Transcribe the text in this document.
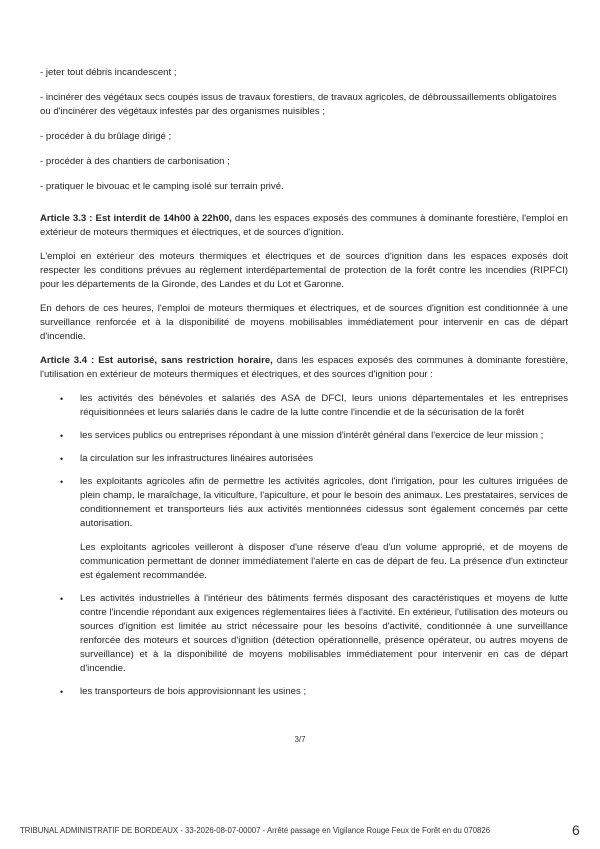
- jeter tout débris incandescent ;
- incinérer des végétaux secs coupés issus de travaux forestiers, de travaux agricoles, de débroussaillements obligatoires ou d'incinérer des végétaux infestés par des organismes nuisibles ;
- procéder à du brûlage dirigé ;
- procéder à des chantiers de carbonisation ;
- pratiquer le bivouac et le camping isolé sur terrain privé.

Article 3.3 : Est interdit de 14h00 à 22h00, dans les espaces exposés des communes à dominante forestière, l'emploi en extérieur de moteurs thermiques et électriques, et de sources d'ignition.

L'emploi en extérieur des moteurs thermiques et électriques et de sources d'ignition dans les espaces exposés doit respecter les conditions prévues au règlement interdépartemental de protection de la forêt contre les incendies (RIPFCI) pour les départements de la Gironde, des Landes et du Lot et Garonne.

En dehors de ces heures, l'emploi de moteurs thermiques et électriques, et de sources d'ignition est conditionnée à une surveillance renforcée et à la disponibilité de moyens mobilisables immédiatement pour intervenir en cas de départ d'incendie.

Article 3.4 : Est autorisé, sans restriction horaire, dans les espaces exposés des communes à dominante forestière, l'utilisation en extérieur de moteurs thermiques et électriques, et des sources d'ignition pour :

• les activités des bénévoles et salariés des ASA de DFCI, leurs unions départementales et les entreprises réquisitionnées et leurs salariés dans le cadre de la lutte contre l'incendie et de la sécurisation de la forêt
• les services publics ou entreprises répondant à une mission d'intérêt général dans l'exercice de leur mission ;
• la circulation sur les infrastructures linéaires autorisées
• les exploitants agricoles afin de permettre les activités agricoles, dont l'irrigation, pour les cultures irriguées de plein champ, le maraîchage, la viticulture, l'apiculture, et pour le besoin des animaux. Les prestataires, services de conditionnement et transporteurs liés aux activités mentionnées cidessus sont également concernés par cette autorisation.
Les exploitants agricoles veilleront à disposer d'une réserve d'eau d'un volume approprié, et de moyens de communication permettant de donner immédiatement l'alerte en cas de départ de feu. La présence d'un extincteur est également recommandée.
• Les activités industrielles à l'intérieur des bâtiments fermés disposant des caractéristiques et moyens de lutte contre l'incendie répondant aux exigences réglementaires liées à l'activité. En extérieur, l'utilisation des moteurs ou sources d'ignition est limitée au strict nécessaire pour les besoins d'activité, conditionnée à une surveillance renforcée des moteurs et sources d'ignition (détection opérationnelle, présence opérateur, ou autres moyens de surveillance) et à la disponibilité de moyens mobilisables immédiatement pour intervenir en cas de départ d'incendie.
• les transporteurs de bois approvisionnant les usines ;
3/7
TRIBUNAL ADMINISTRATIF DE BORDEAUX - 33-2026-08-07-00007 - Arrêté passage en Vigilance Rouge Feux de Forêt en du 070826	6
